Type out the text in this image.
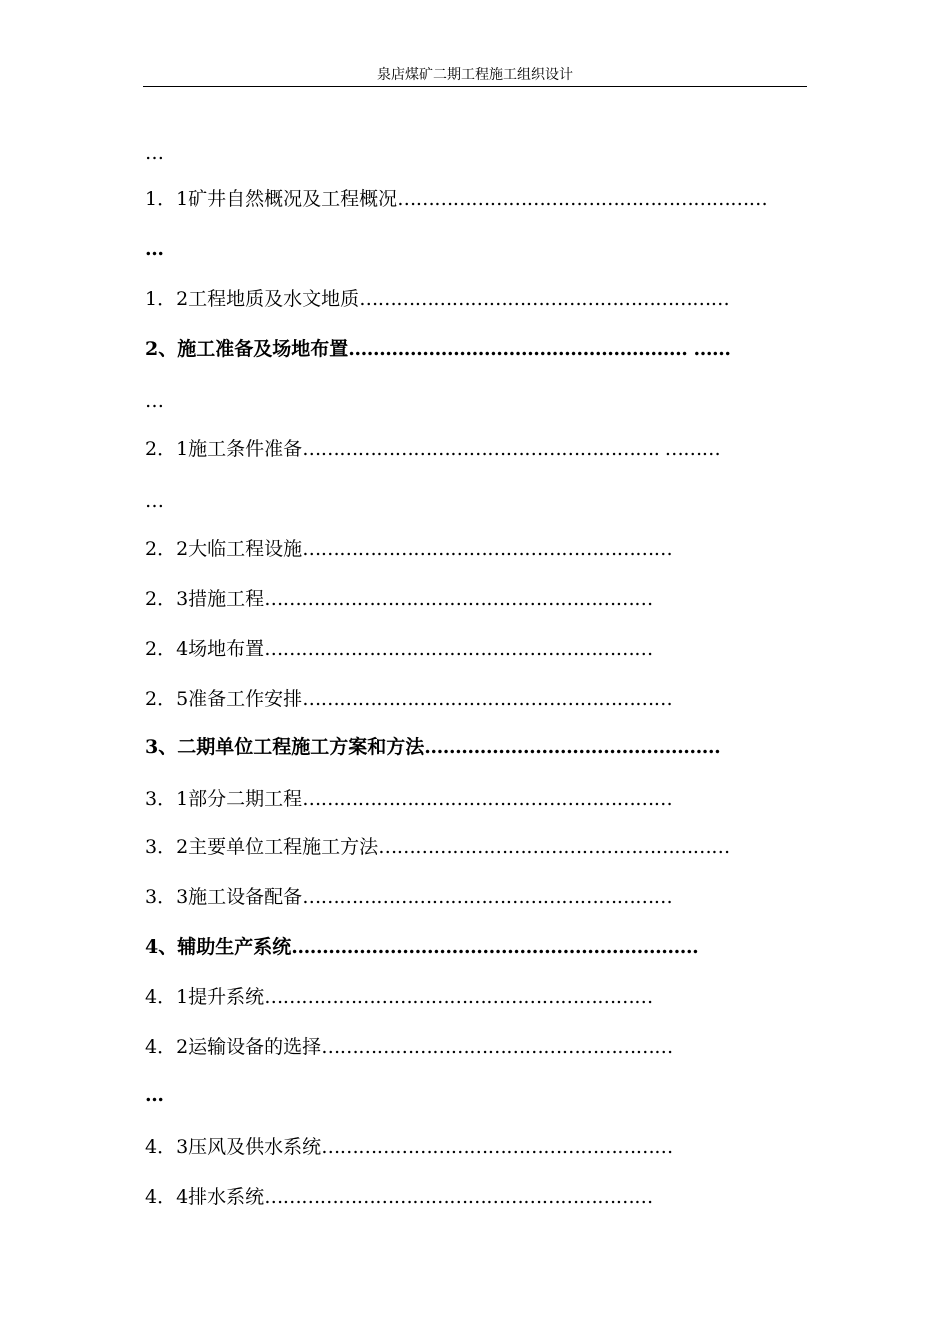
泉店煤矿二期工程施工组织设计
…
1．1矿井自然概况及工程概况……………………………………………………
…
1．2工程地质及水文地质……………………………………………………
2、施工准备及场地布置………………………………………………. ……
…
2．1施工条件准备…………………………………………………. ………
…
2．2大临工程设施……………………………………………………
2．3措施工程………………………………………………………
2．4场地布置………………………………………………………
2．5准备工作安排……………………………………………………
3、二期单位工程施工方案和方法…………………………………………
3．1部分二期工程……………………………………………………
3．2主要单位工程施工方法…………………………………………………
3．3施工设备配备……………………………………………………
4、辅助生产系统…………………………………………………………
4．1提升系统………………………………………………………
4．2运输设备的选择…………………………………………………
…
4．3压风及供水系统…………………………………………………
4．4排水系统………………………………………………………
